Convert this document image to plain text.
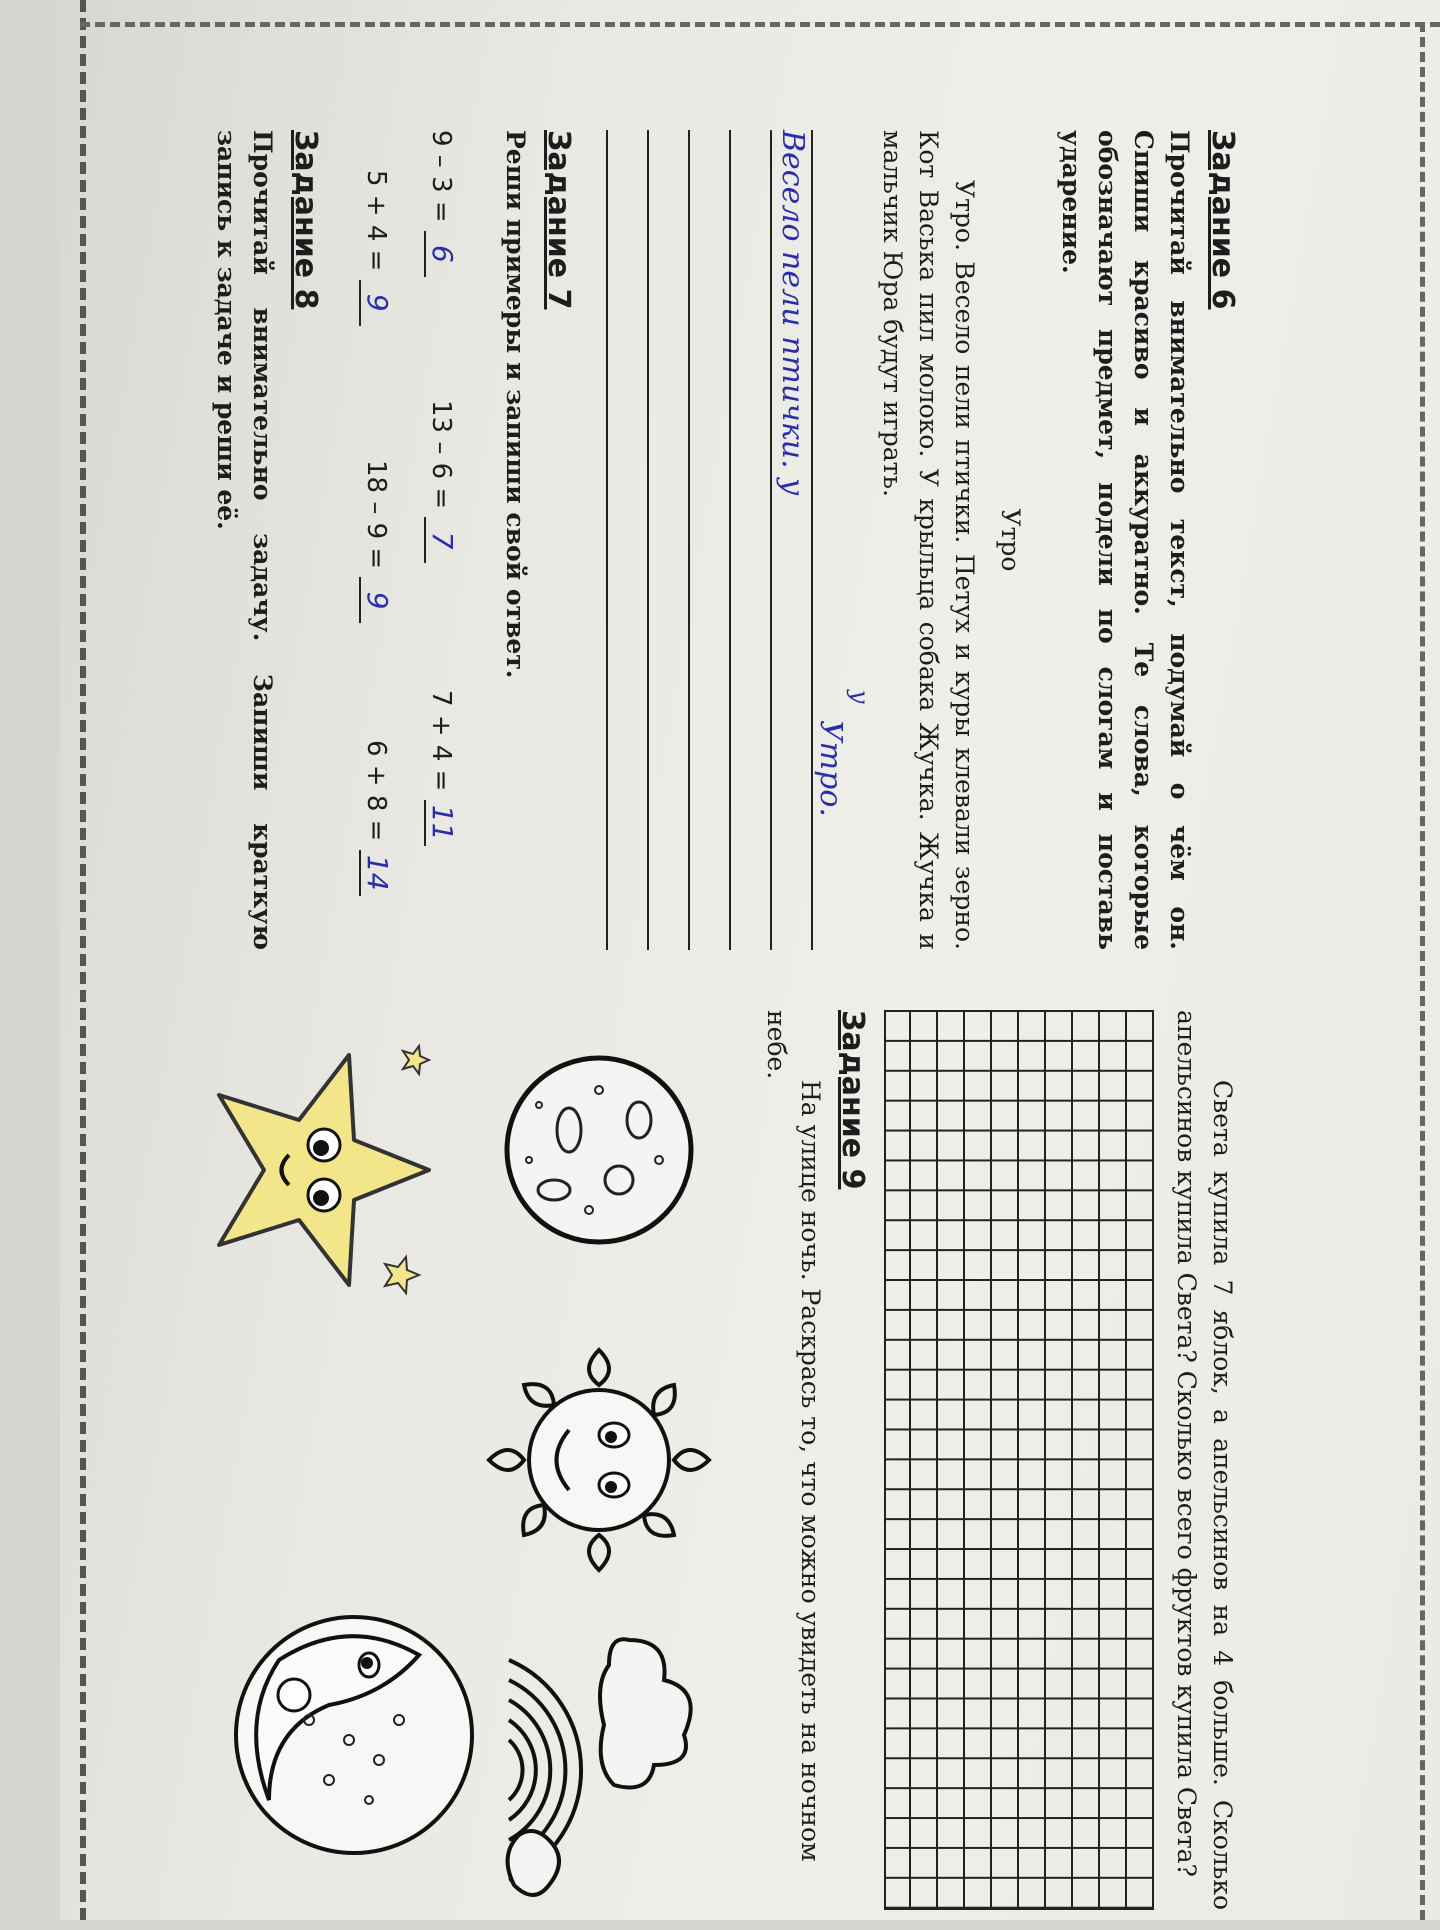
Задание 6

Прочитай внимательно текст, подумай о чём он. Спиши красиво и аккуратно. Те слова, которые обозначают предмет, подели по слогам и поставь ударение.

Утро

Утро. Весело пели птички. Петух и куры клевали зерно. Кот Васька пил молоко. У крыльца собака Жучка. Жучка и мальчик Юра будут играть.

у
Утро.
Весело пели птички. у
Задание 7

Реши примеры и запиши свой ответ.

9 – 3 = 6
13 – 6 = 7
7 + 4 = 11
5 + 4 = 9
18 – 9 = 9
6 + 8 = 14
Задание 8

Прочитай внимательно задачу. Запиши краткую запись к задаче и реши её.

Света купила 7 яблок, а апельсинов на 4 больше. Сколько апельсинов купила Света? Сколько всего фруктов купила Света?

Задание 9

На улице ночь. Раскрась то, что можно увидеть на ночном небе.
